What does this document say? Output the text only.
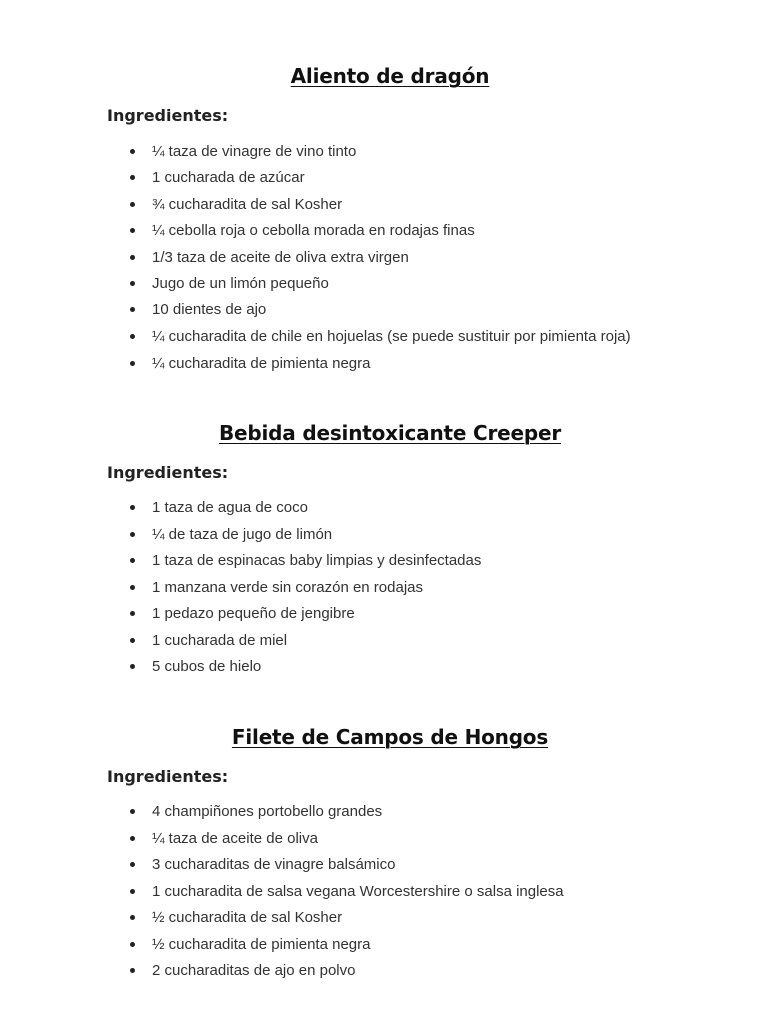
Aliento de dragón
Ingredientes:
¼ taza de vinagre de vino tinto
1 cucharada de azúcar
¾ cucharadita de sal Kosher
¼ cebolla roja o cebolla morada en rodajas finas
1/3 taza de aceite de oliva extra virgen
Jugo de un limón pequeño
10 dientes de ajo
¼ cucharadita de chile en hojuelas (se puede sustituir por pimienta roja)
¼ cucharadita de pimienta negra
Bebida desintoxicante Creeper
Ingredientes:
1 taza de agua de coco
¼ de taza de jugo de limón
1 taza de espinacas baby limpias y desinfectadas
1 manzana verde sin corazón en rodajas
1 pedazo pequeño de jengibre
1 cucharada de miel
5 cubos de hielo
Filete de Campos de Hongos
Ingredientes:
4 champiñones portobello grandes
¼ taza de aceite de oliva
3 cucharaditas de vinagre balsámico
1 cucharadita de salsa vegana Worcestershire o salsa inglesa
½ cucharadita de sal Kosher
½ cucharadita de pimienta negra
2 cucharaditas de ajo en polvo
